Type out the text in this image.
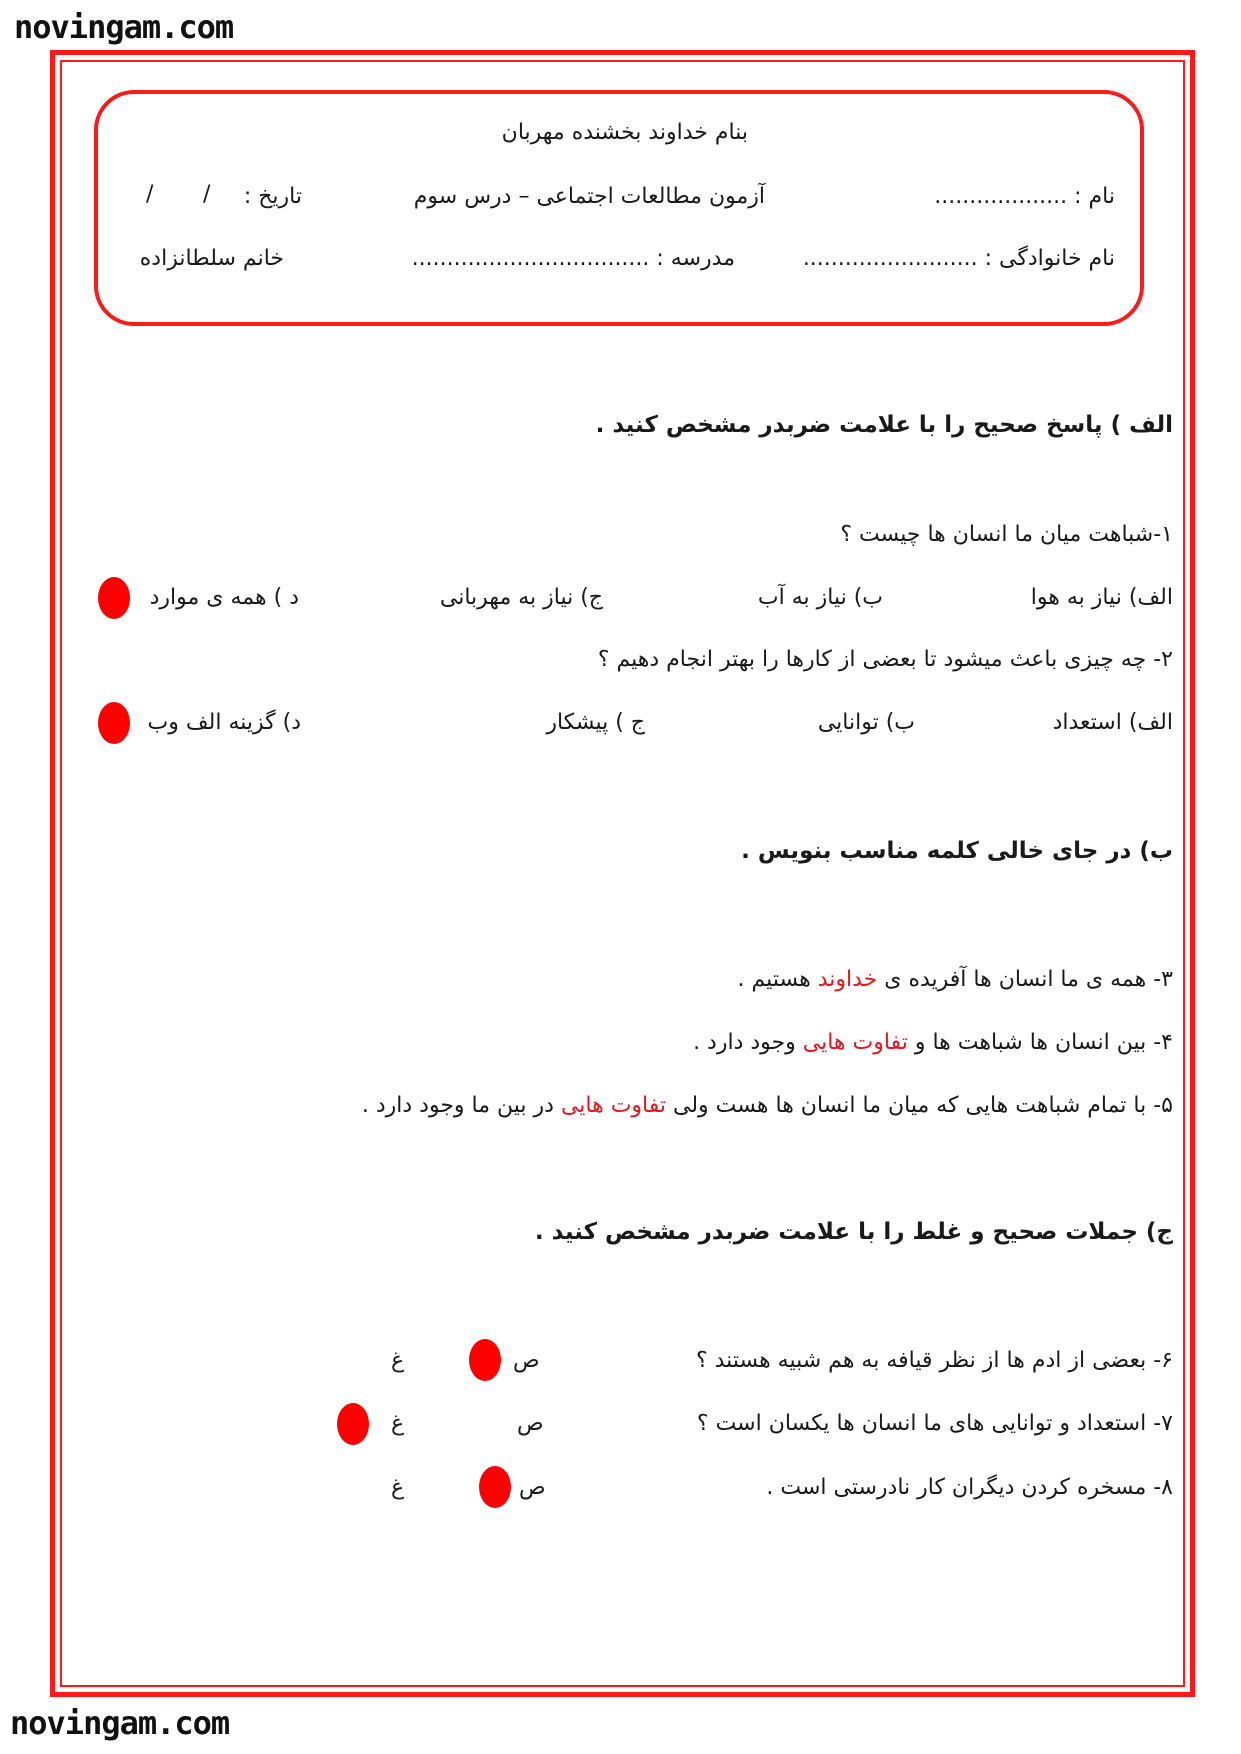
novingam.com
novingam.com
بنام خداوند بخشنده مهربان
نام : ...................
آزمون مطالعات اجتماعی – درس سوم
تاریخ :
/
/
نام خانوادگی : .........................
مدرسه : ..................................
خانم سلطانزاده
الف ) پاسخ صحیح را با علامت ضربدر مشخص کنید .
۱-شباهت میان ما انسان ها چیست ؟
الف) نیاز به هوا
ب) نیاز به آب
ج) نیاز به مهربانی
د ) همه ی موارد
۲- چه چیزی باعث میشود تا بعضی از کارها را بهتر انجام دهیم ؟
الف) استعداد
ب) توانایی
ج ) پیشکار
د) گزینه الف وب
ب) در جای خالی کلمه مناسب بنویس .
۳- همه ی ما انسان ها آفریده ی خداوند هستیم .
۴- بین انسان ها شباهت ها و تفاوت هایی وجود دارد .
۵- با تمام شباهت هایی که میان ما انسان ها هست ولی تفاوت هایی در بین ما وجود دارد .
ج) جملات صحیح و غلط را با علامت ضربدر مشخص کنید .
۶- بعضی از ادم ها از نظر قیافه به هم شبیه هستند ؟
ص
غ
۷- استعداد و توانایی های ما انسان ها یکسان است ؟
ص
غ
۸- مسخره کردن دیگران کار نادرستی است .
ص
غ
